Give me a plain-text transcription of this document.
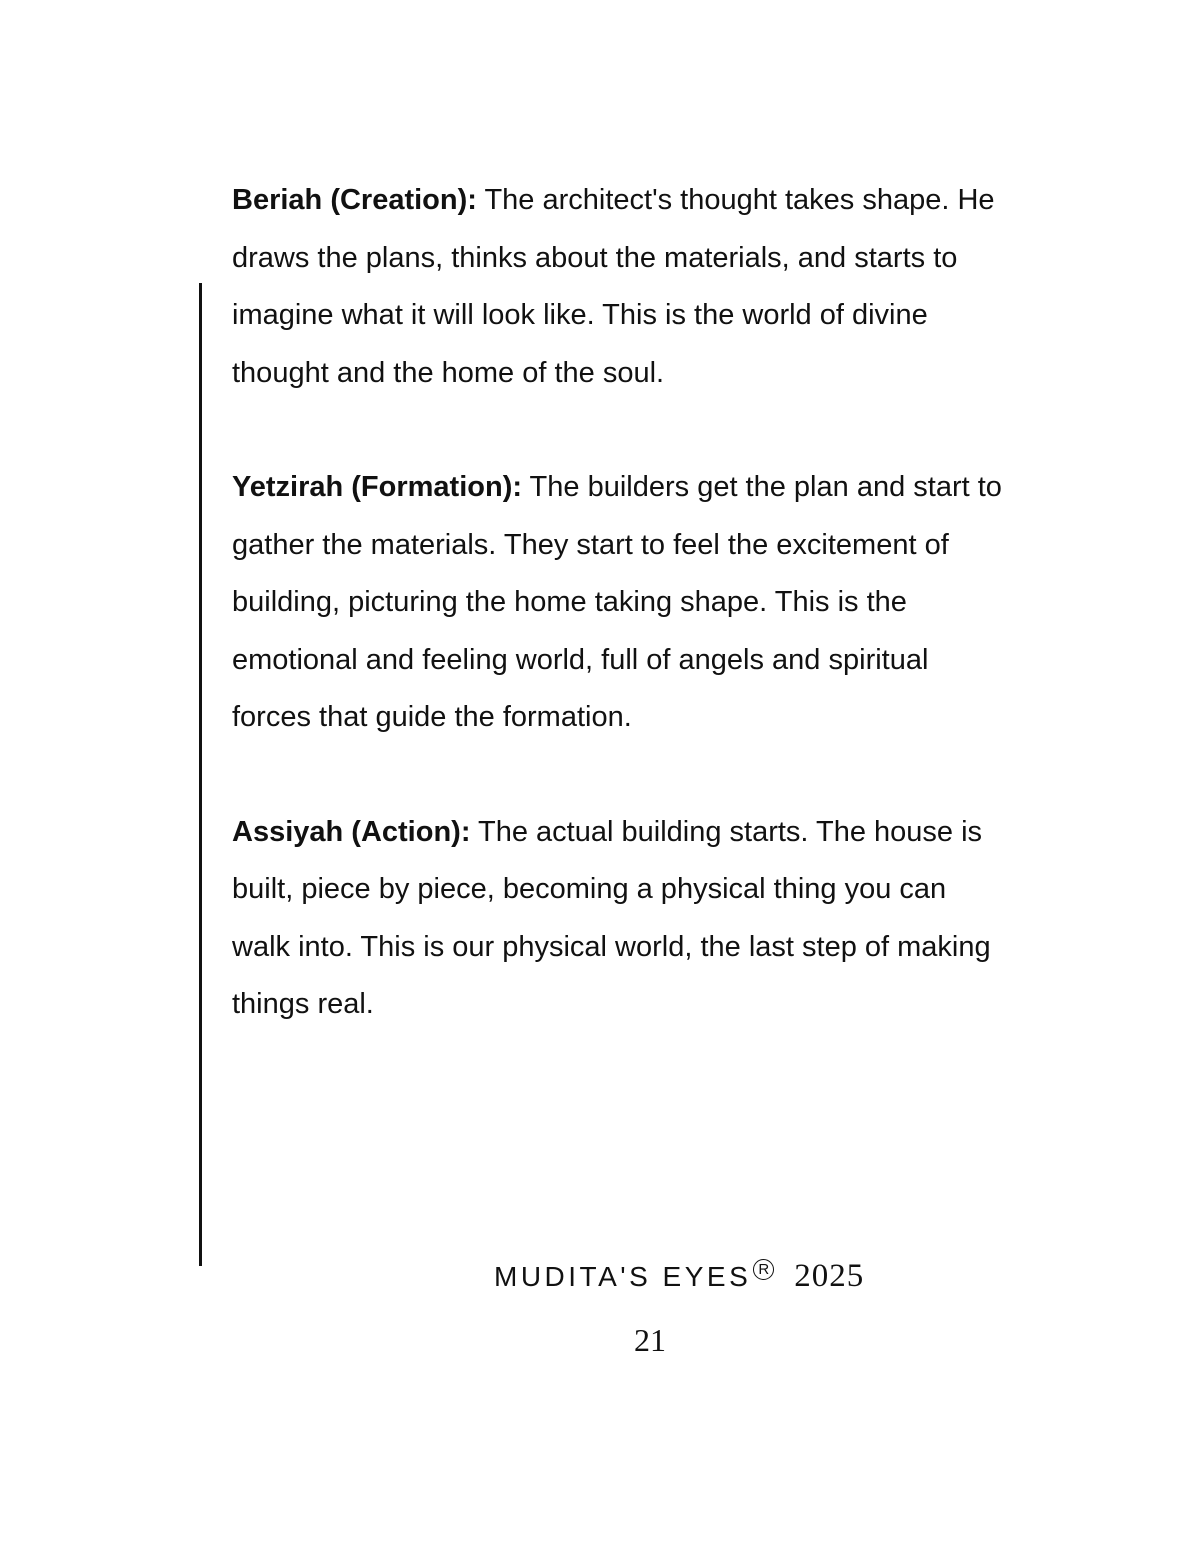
Beriah (Creation): The architect's thought takes shape. He draws the plans, thinks about the materials, and starts to imagine what it will look like. This is the world of divine thought and the home of the soul.

Yetzirah (Formation): The builders get the plan and start to gather the materials. They start to feel the excitement of building, picturing the home taking shape. This is the emotional and feeling world, full of angels and spiritual forces that guide the formation.

Assiyah (Action): The actual building starts. The house is built, piece by piece, becoming a physical thing you can walk into. This is our physical world, the last step of making things real.

MUDITA'S EYES R 2025
21
